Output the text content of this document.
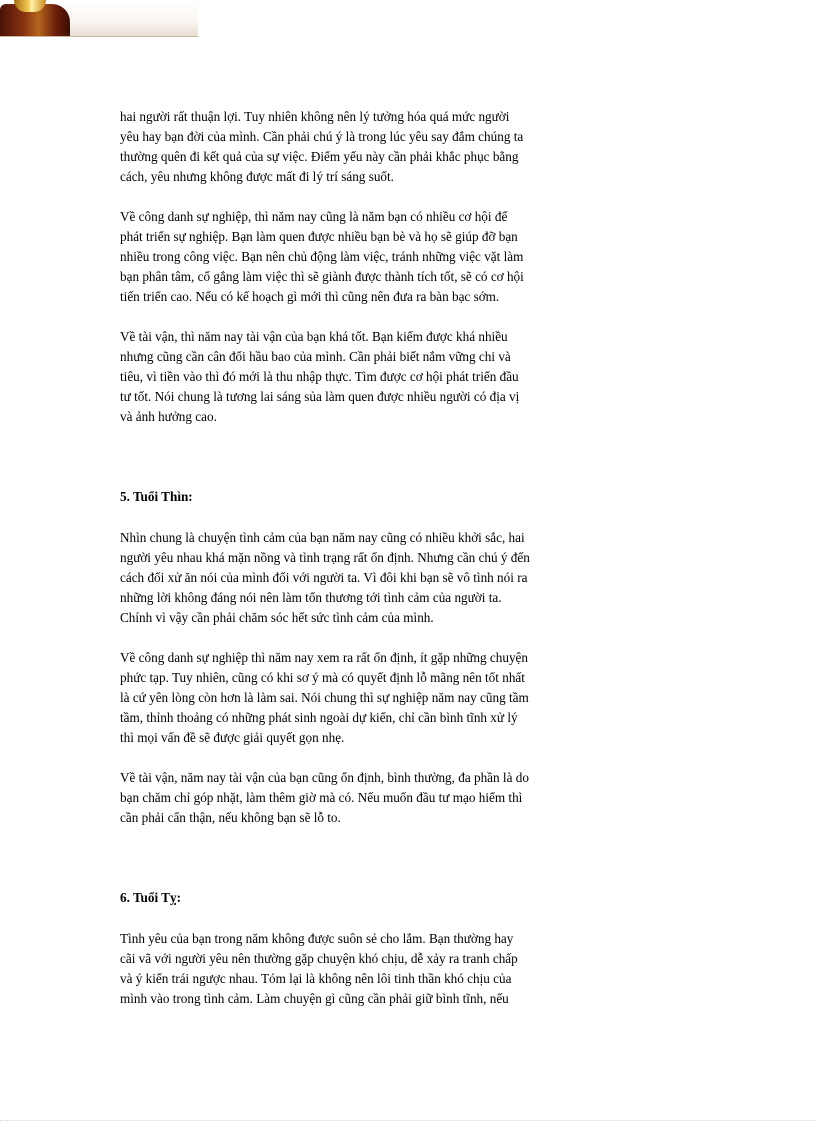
hai người rất thuận lợi. Tuy nhiên không nên lý tưởng hóa quá mức người
yêu hay bạn đời của mình. Cần phải chú ý là trong lúc yêu say đắm chúng ta
thường quên đi kết quả của sự việc. Điểm yếu này cần phải khắc phục bằng
cách, yêu nhưng không được mất đi lý trí sáng suốt.

Về công danh sự nghiệp, thì năm nay cũng là năm bạn có nhiều cơ hội để
phát triển sự nghiệp. Bạn làm quen được nhiều bạn bè và họ sẽ giúp đỡ bạn
nhiều trong công việc. Bạn nên chủ động làm việc, tránh những việc vặt làm
bạn phân tâm, cố gắng làm việc thì sẽ giành được thành tích tốt, sẽ có cơ hội
tiến triển cao. Nếu có kế hoạch gì mới thì cũng nên đưa ra bàn bạc sớm.

Về tài vận, thì năm nay tài vận của bạn khá tốt. Bạn kiếm được khá nhiều
nhưng cũng cần cân đối hầu bao của mình. Cần phải biết nắm vững chi và
tiêu, vì tiền vào thì đó mới là thu nhập thực. Tìm được cơ hội phát triển đầu
tư tốt. Nói chung là tương lai sáng sủa làm quen được nhiều người có địa vị
và ảnh hưởng cao.

5. Tuổi Thìn:

Nhìn chung là chuyện tình cảm của bạn năm nay cũng có nhiều khởi sắc, hai
người yêu nhau khá mặn nồng và tình trạng rất ổn định. Nhưng cần chú ý đến
cách đối xử ăn nói của mình đối với người ta. Vì đôi khi bạn sẽ vô tình nói ra
những lời không đáng nói nên làm tổn thương tới tình cảm của người ta.
Chính vì vậy cần phải chăm sóc hết sức tình cảm của mình.

Về công danh sự nghiệp thì năm nay xem ra rất ổn định, ít gặp những chuyện
phức tạp. Tuy nhiên, cũng có khi sơ ý mà có quyết định lỗ mãng nên tốt nhất
là cứ yên lòng còn hơn là làm sai. Nói chung thì sự nghiệp năm nay cũng tầm
tầm, thỉnh thoảng có những phát sinh ngoài dự kiến, chỉ cần bình tĩnh xử lý
thì mọi vấn đề sẽ được giải quyết gọn nhẹ.

Về tài vận, năm nay tài vận của bạn cũng ổn định, bình thường, đa phần là do
bạn chăm chỉ góp nhặt, làm thêm giờ mà có. Nếu muốn đầu tư mạo hiểm thì
cần phải cẩn thận, nếu không bạn sẽ lỗ to.

6. Tuổi Tỵ:

Tình yêu của bạn trong năm không được suôn sẻ cho lắm. Bạn thường hay
cãi vã với người yêu nên thường gặp chuyện khó chịu, dễ xảy ra tranh chấp
và ý kiến trái ngược nhau. Tóm lại là không nên lôi tinh thần khó chịu của
mình vào trong tình cảm. Làm chuyện gì cũng cần phải giữ bình tĩnh, nếu
